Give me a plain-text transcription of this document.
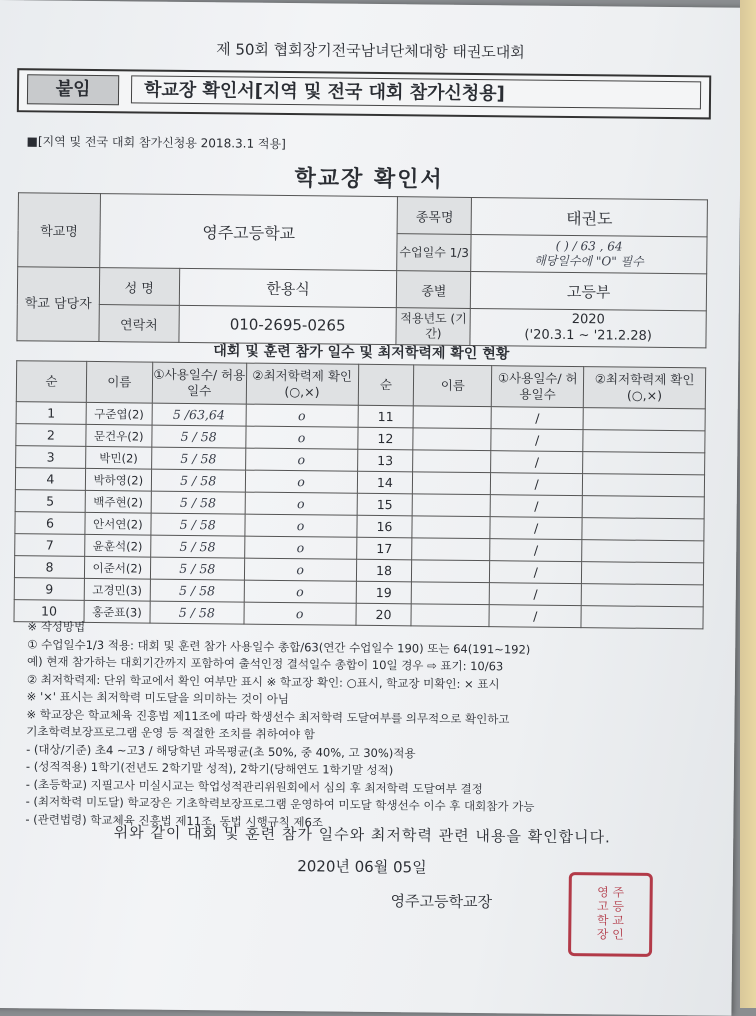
제 50회 협회장기전국남녀단체대항 태권도대회
붙임	학교장 확인서[지역 및 전국 대회 참가신청용]
■[지역 및 전국 대회 참가신청용 2018.3.1 적용]
학교장 확인서
학교명	영주고등학교		종목명	태권도
			수업일수 1/3	( ) / 63 , 64
해당일수에 "O" 필수

학교 담당자	성 명	한용식	종별	고등부
	연락처	010-2695-0265	적용년도 (기간)	2020
('20.3.1 ~ '21.2.28)
대회 및 훈련 참가 일수 및 최저학력제 확인 현황
순	이름	①사용일수/ 허용일수	②최저학력제 확인(○,×)	순	이름	①사용일수/ 허용일수	②최저학력제 확인(○,×)
1	구준엽(2)	5 /63,64	o	11		/	
2	문건우(2)	5 / 58	o	12		/	
3	박민(2)	5 / 58	o	13		/	
4	박하영(2)	5 / 58	o	14		/	
5	백주현(2)	5 / 58	o	15		/	
6	안서연(2)	5 / 58	o	16		/	
7	윤훈석(2)	5 / 58	o	17		/	
8	이준서(2)	5 / 58	o	18		/	
9	고경민(3)	5 / 58	o	19		/	
10	홍준표(3)	5 / 58	o	20		/	
※ 작성방법
① 수업일수1/3 적용: 대회 및 훈련 참가 사용일수 총합/63(연간 수업일수 190) 또는 64(191~192)
예) 현재 참가하는 대회기간까지 포함하여 출석인정 결석일수 총합이 10일 경우 ⇨ 표기: 10/63
② 최저학력제: 단위 학교에서 확인 여부만 표시 ※ 학교장 확인: ○표시, 학교장 미확인: × 표시
※ '×' 표시는 최저학력 미도달을 의미하는 것이 아님
※ 학교장은 학교체육 진흥법 제11조에 따라 학생선수 최저학력 도달여부를 의무적으로 확인하고
기초학력보장프로그램 운영 등 적절한 조치를 취하여야 함
- (대상/기준) 초4 ~고3 / 해당학년 과목평균(초 50%, 중 40%, 고 30%)적용
- (성적적용) 1학기(전년도 2학기말 성적), 2학기(당해연도 1학기말 성적)
- (초등학교) 지필고사 미실시교는 학업성적관리위원회에서 심의 후 최저학력 도달여부 결정
- (최저학력 미도달) 학교장은 기초학력보장프로그램 운영하여 미도달 학생선수 이수 후 대회참가 가능
- (관련법령) 학교체육 진흥법 제11조, 동법 시행규칙 제6조
위와 같이 대회 및 훈련 참가 일수와 최저학력 관련 내용을 확인합니다.
2020년 06월 05일
영주고등학교장	영 주
고 등
학 교
장 인
